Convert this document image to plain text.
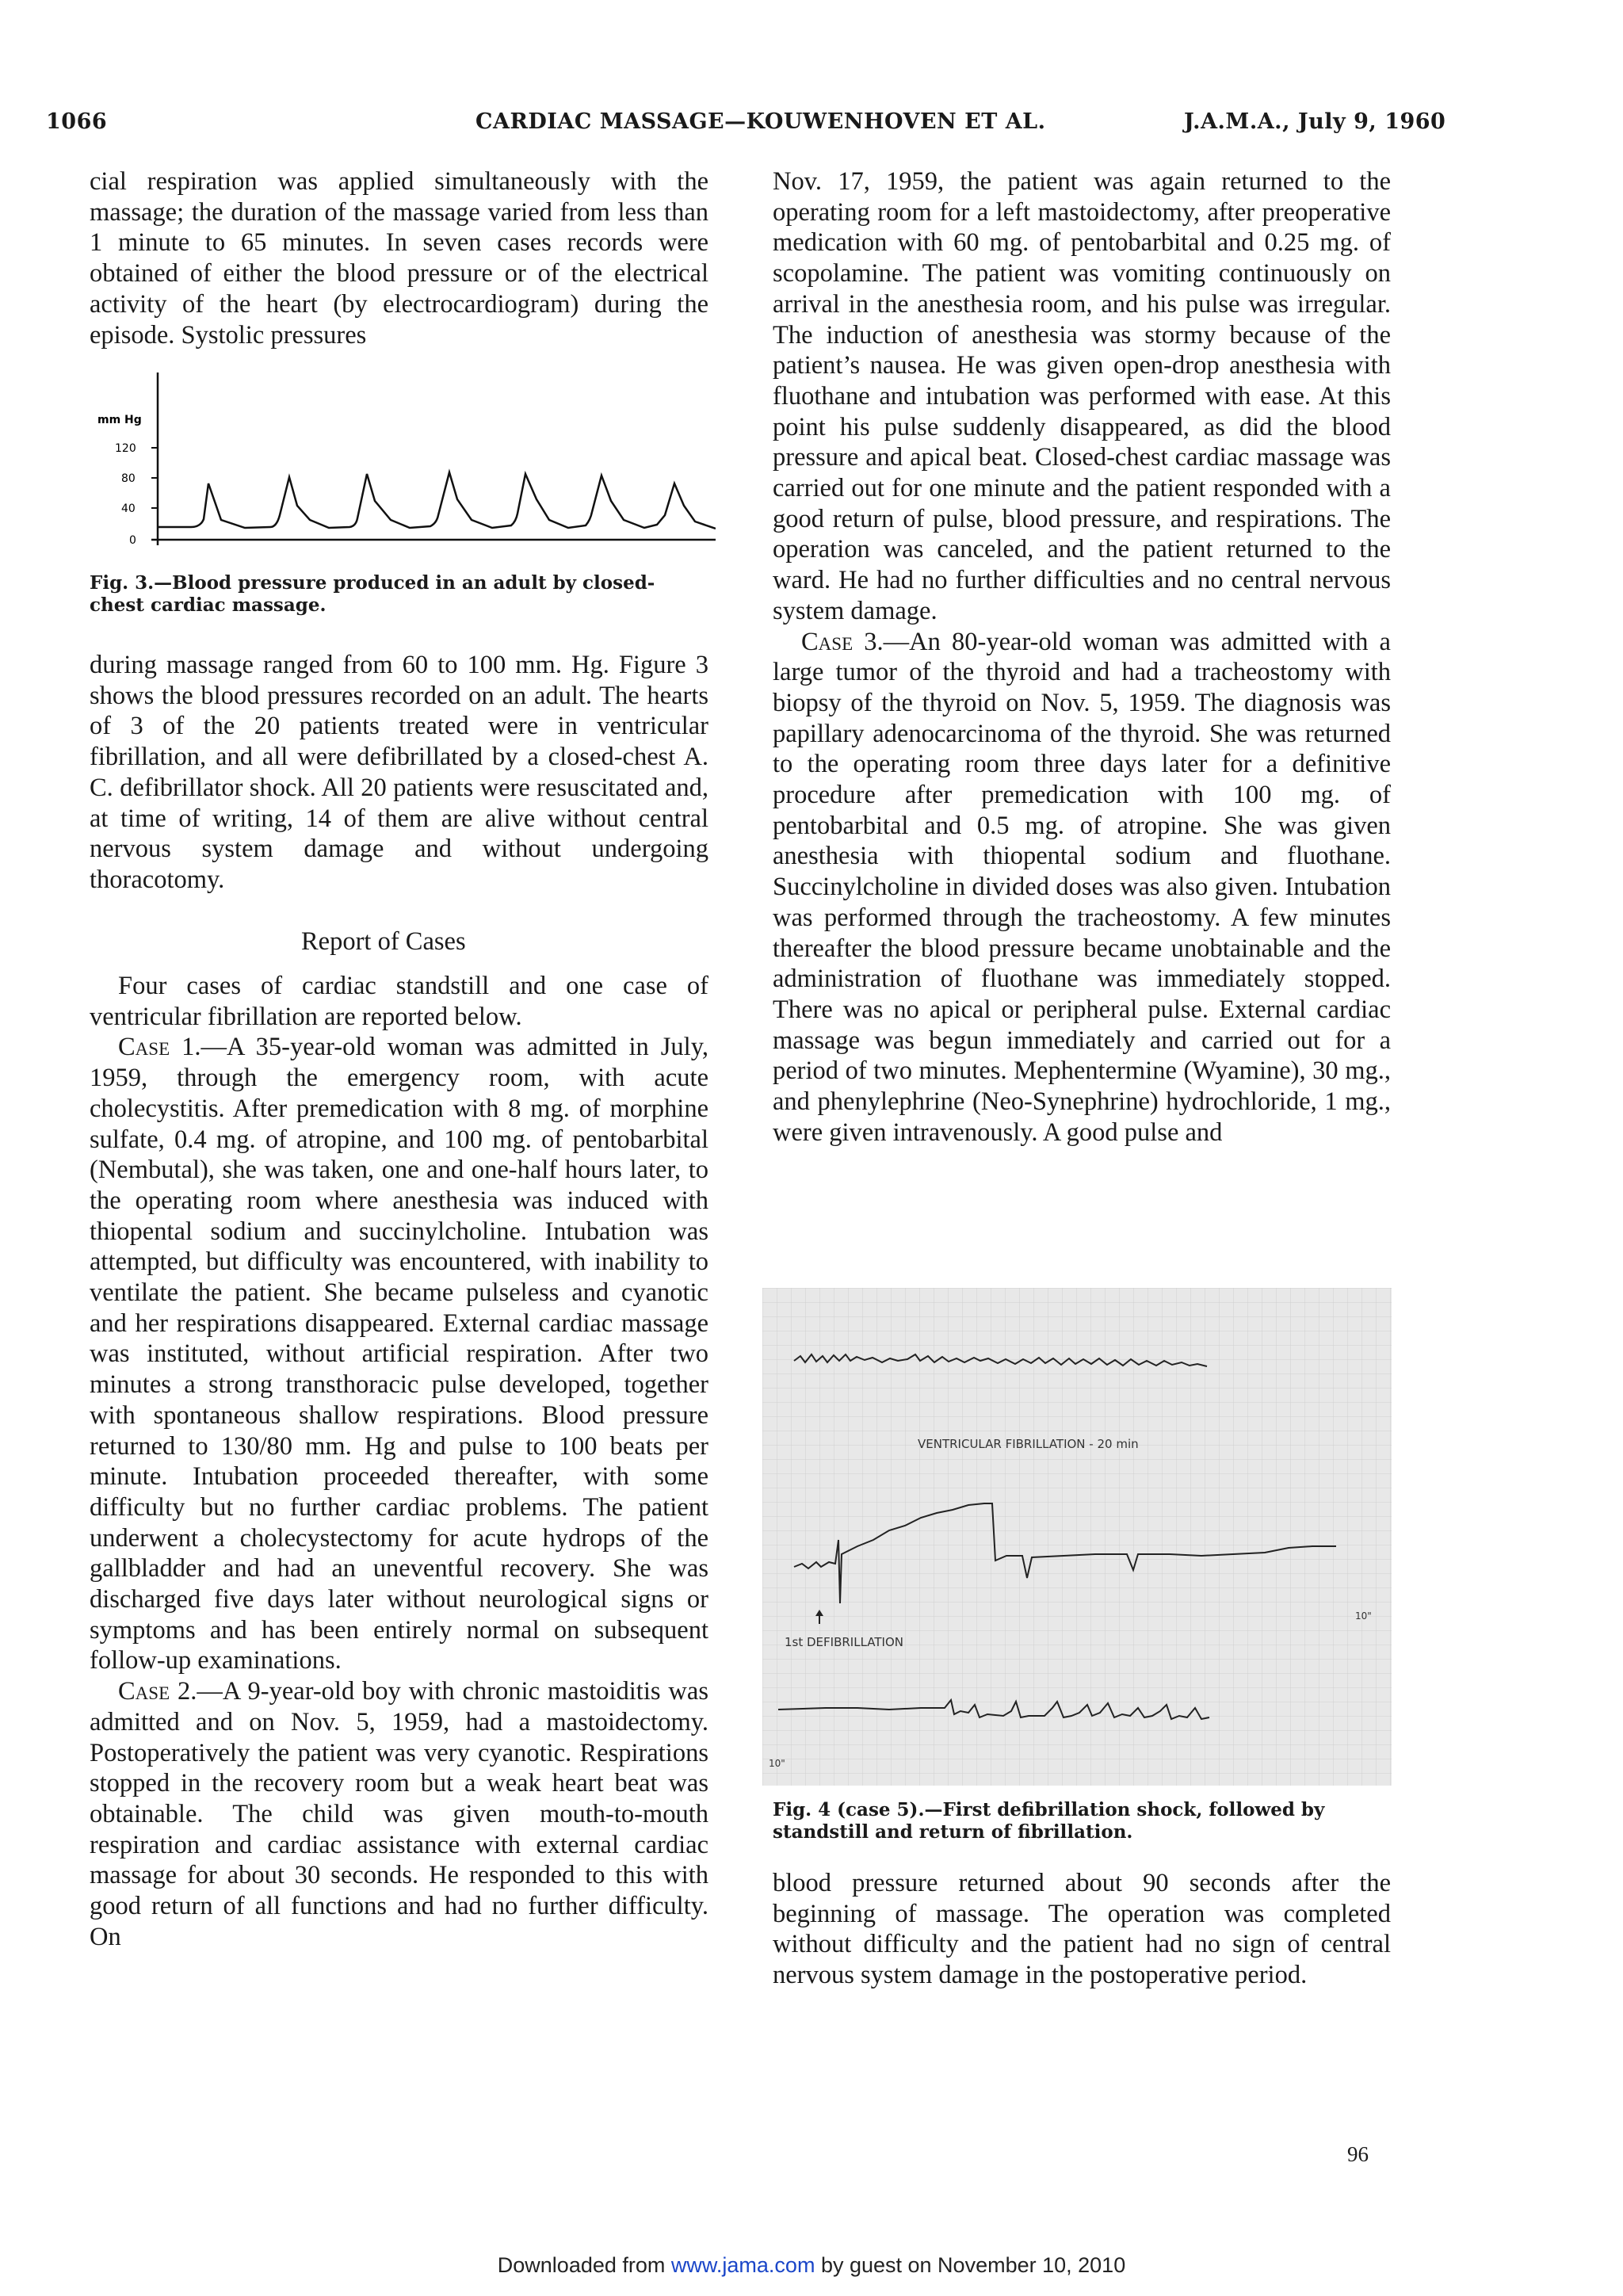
1066	CARDIAC MASSAGE—KOUWENHOVEN ET AL.	J.A.M.A., July 9, 1960

cial respiration was applied simultaneously with the massage; the duration of the massage varied from less than 1 minute to 65 minutes. In seven cases records were obtained of either the blood pressure or of the electrical activity of the heart (by electrocardiogram) during the episode. Systolic pressures

mm Hg
120
80
40
0
Fig. 3.—Blood pressure produced in an adult by closed-chest cardiac massage.

during massage ranged from 60 to 100 mm. Hg. Figure 3 shows the blood pressures recorded on an adult. The hearts of 3 of the 20 patients treated were in ventricular fibrillation, and all were defibrillated by a closed-chest A. C. defibrillator shock. All 20 patients were resuscitated and, at time of writing, 14 of them are alive without central nervous system damage and without undergoing thoracotomy.

Report of Cases

Four cases of cardiac standstill and one case of ventricular fibrillation are reported below.

Case 1.—A 35-year-old woman was admitted in July, 1959, through the emergency room, with acute cholecystitis. After premedication with 8 mg. of morphine sulfate, 0.4 mg. of atropine, and 100 mg. of pentobarbital (Nembutal), she was taken, one and one-half hours later, to the operating room where anesthesia was induced with thiopental sodium and succinylcholine. Intubation was attempted, but difficulty was encountered, with inability to ventilate the patient. She became pulseless and cyanotic and her respirations disappeared. External cardiac massage was instituted, without artificial respiration. After two minutes a strong transthoracic pulse developed, together with spontaneous shallow respirations. Blood pressure returned to 130/80 mm. Hg and pulse to 100 beats per minute. Intubation proceeded thereafter, with some difficulty but no further cardiac problems. The patient underwent a cholecystectomy for acute hydrops of the gallbladder and had an uneventful recovery. She was discharged five days later without neurological signs or symptoms and has been entirely normal on subsequent follow-up examinations.

Case 2.—A 9-year-old boy with chronic mastoiditis was admitted and on Nov. 5, 1959, had a mastoidectomy. Postoperatively the patient was very cyanotic. Respirations stopped in the recovery room but a weak heart beat was obtainable. The child was given mouth-to-mouth respiration and cardiac assistance with external cardiac massage for about 30 seconds. He responded to this with good return of all functions and had no further difficulty. On

Nov. 17, 1959, the patient was again returned to the operating room for a left mastoidectomy, after preoperative medication with 60 mg. of pentobarbital and 0.25 mg. of scopolamine. The patient was vomiting continuously on arrival in the anesthesia room, and his pulse was irregular. The induction of anesthesia was stormy because of the patient’s nausea. He was given open-drop anesthesia with fluothane and intubation was performed with ease. At this point his pulse suddenly disappeared, as did the blood pressure and apical beat. Closed-chest cardiac massage was carried out for one minute and the patient responded with a good return of pulse, blood pressure, and respirations. The operation was canceled, and the patient returned to the ward. He had no further difficulties and no central nervous system damage.

Case 3.—An 80-year-old woman was admitted with a large tumor of the thyroid and had a tracheostomy with biopsy of the thyroid on Nov. 5, 1959. The diagnosis was papillary adenocarcinoma of the thyroid. She was returned to the operating room three days later for a definitive procedure after premedication with 100 mg. of pentobarbital and 0.5 mg. of atropine. She was given anesthesia with thiopental sodium and fluothane. Succinylcholine in divided doses was also given. Intubation was performed through the tracheostomy. A few minutes thereafter the blood pressure became unobtainable and the administration of fluothane was immediately stopped. There was no apical or peripheral pulse. External cardiac massage was begun immediately and carried out for a period of two minutes. Mephentermine (Wyamine), 30 mg., and phenylephrine (Neo-Synephrine) hydrochloride, 1 mg., were given intravenously. A good pulse and

VENTRICULAR FIBRILLATION - 20 min
1st DEFIBRILLATION
10"
10"
Fig. 4 (case 5).—First defibrillation shock, followed by standstill and return of fibrillation.

blood pressure returned about 90 seconds after the beginning of massage. The operation was completed without difficulty and the patient had no sign of central nervous system damage in the postoperative period.

96
Downloaded from www.jama.com by guest on November 10, 2010
